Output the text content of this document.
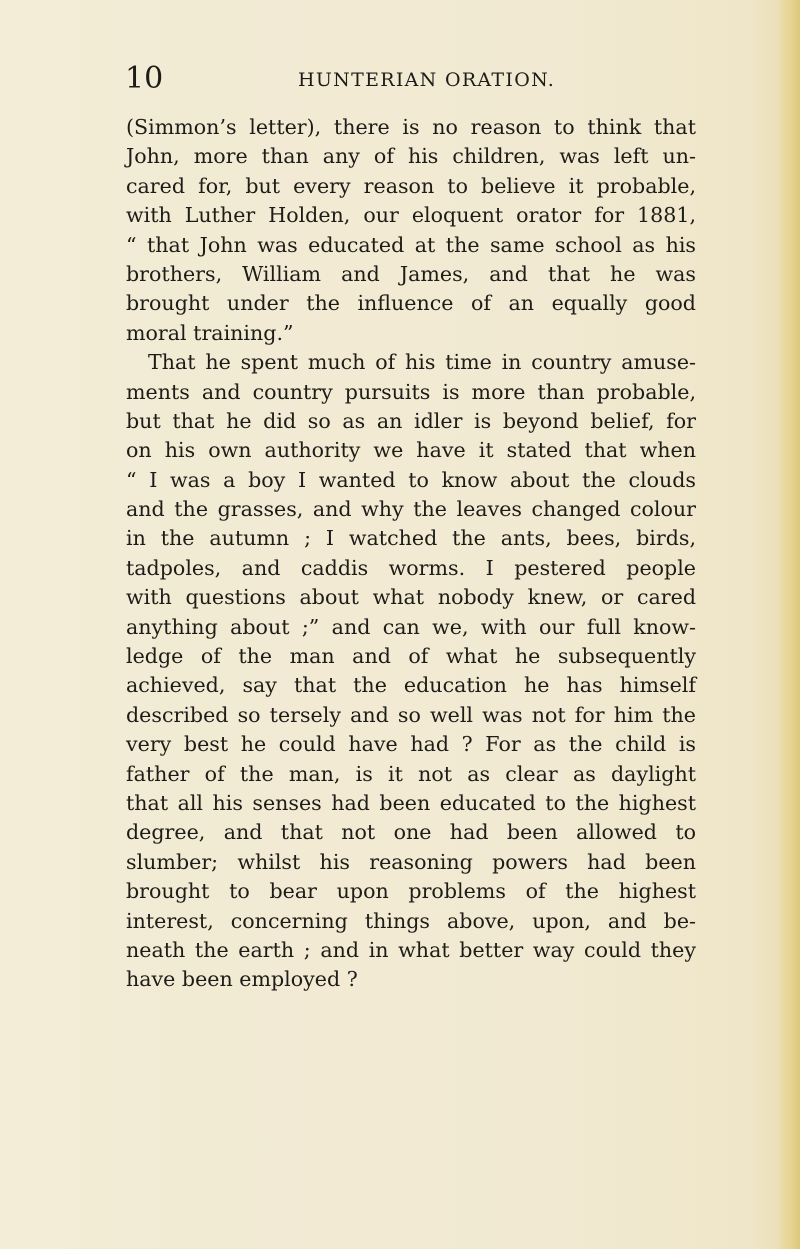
10	HUNTERIAN ORATION.
(Simmon’s letter), there is no reason to think that
John, more than any of his children, was left un-
cared for, but every reason to believe it probable,
with Luther Holden, our eloquent orator for 1881,
“ that John was educated at the same school as his
brothers, William and James, and that he was
brought under the influence of an equally good
moral training.”
That he spent much of his time in country amuse-
ments and country pursuits is more than probable,
but that he did so as an idler is beyond belief, for
on his own authority we have it stated that when
“ I was a boy I wanted to know about the clouds
and the grasses, and why the leaves changed colour
in the autumn ; I watched the ants, bees, birds,
tadpoles, and caddis worms. I pestered people
with questions about what nobody knew, or cared
anything about ;” and can we, with our full know-
ledge of the man and of what he subsequently
achieved, say that the education he has himself
described so tersely and so well was not for him the
very best he could have had ? For as the child is
father of the man, is it not as clear as daylight
that all his senses had been educated to the highest
degree, and that not one had been allowed to
slumber; whilst his reasoning powers had been
brought to bear upon problems of the highest
interest, concerning things above, upon, and be-
neath the earth ; and in what better way could they
have been employed ?
